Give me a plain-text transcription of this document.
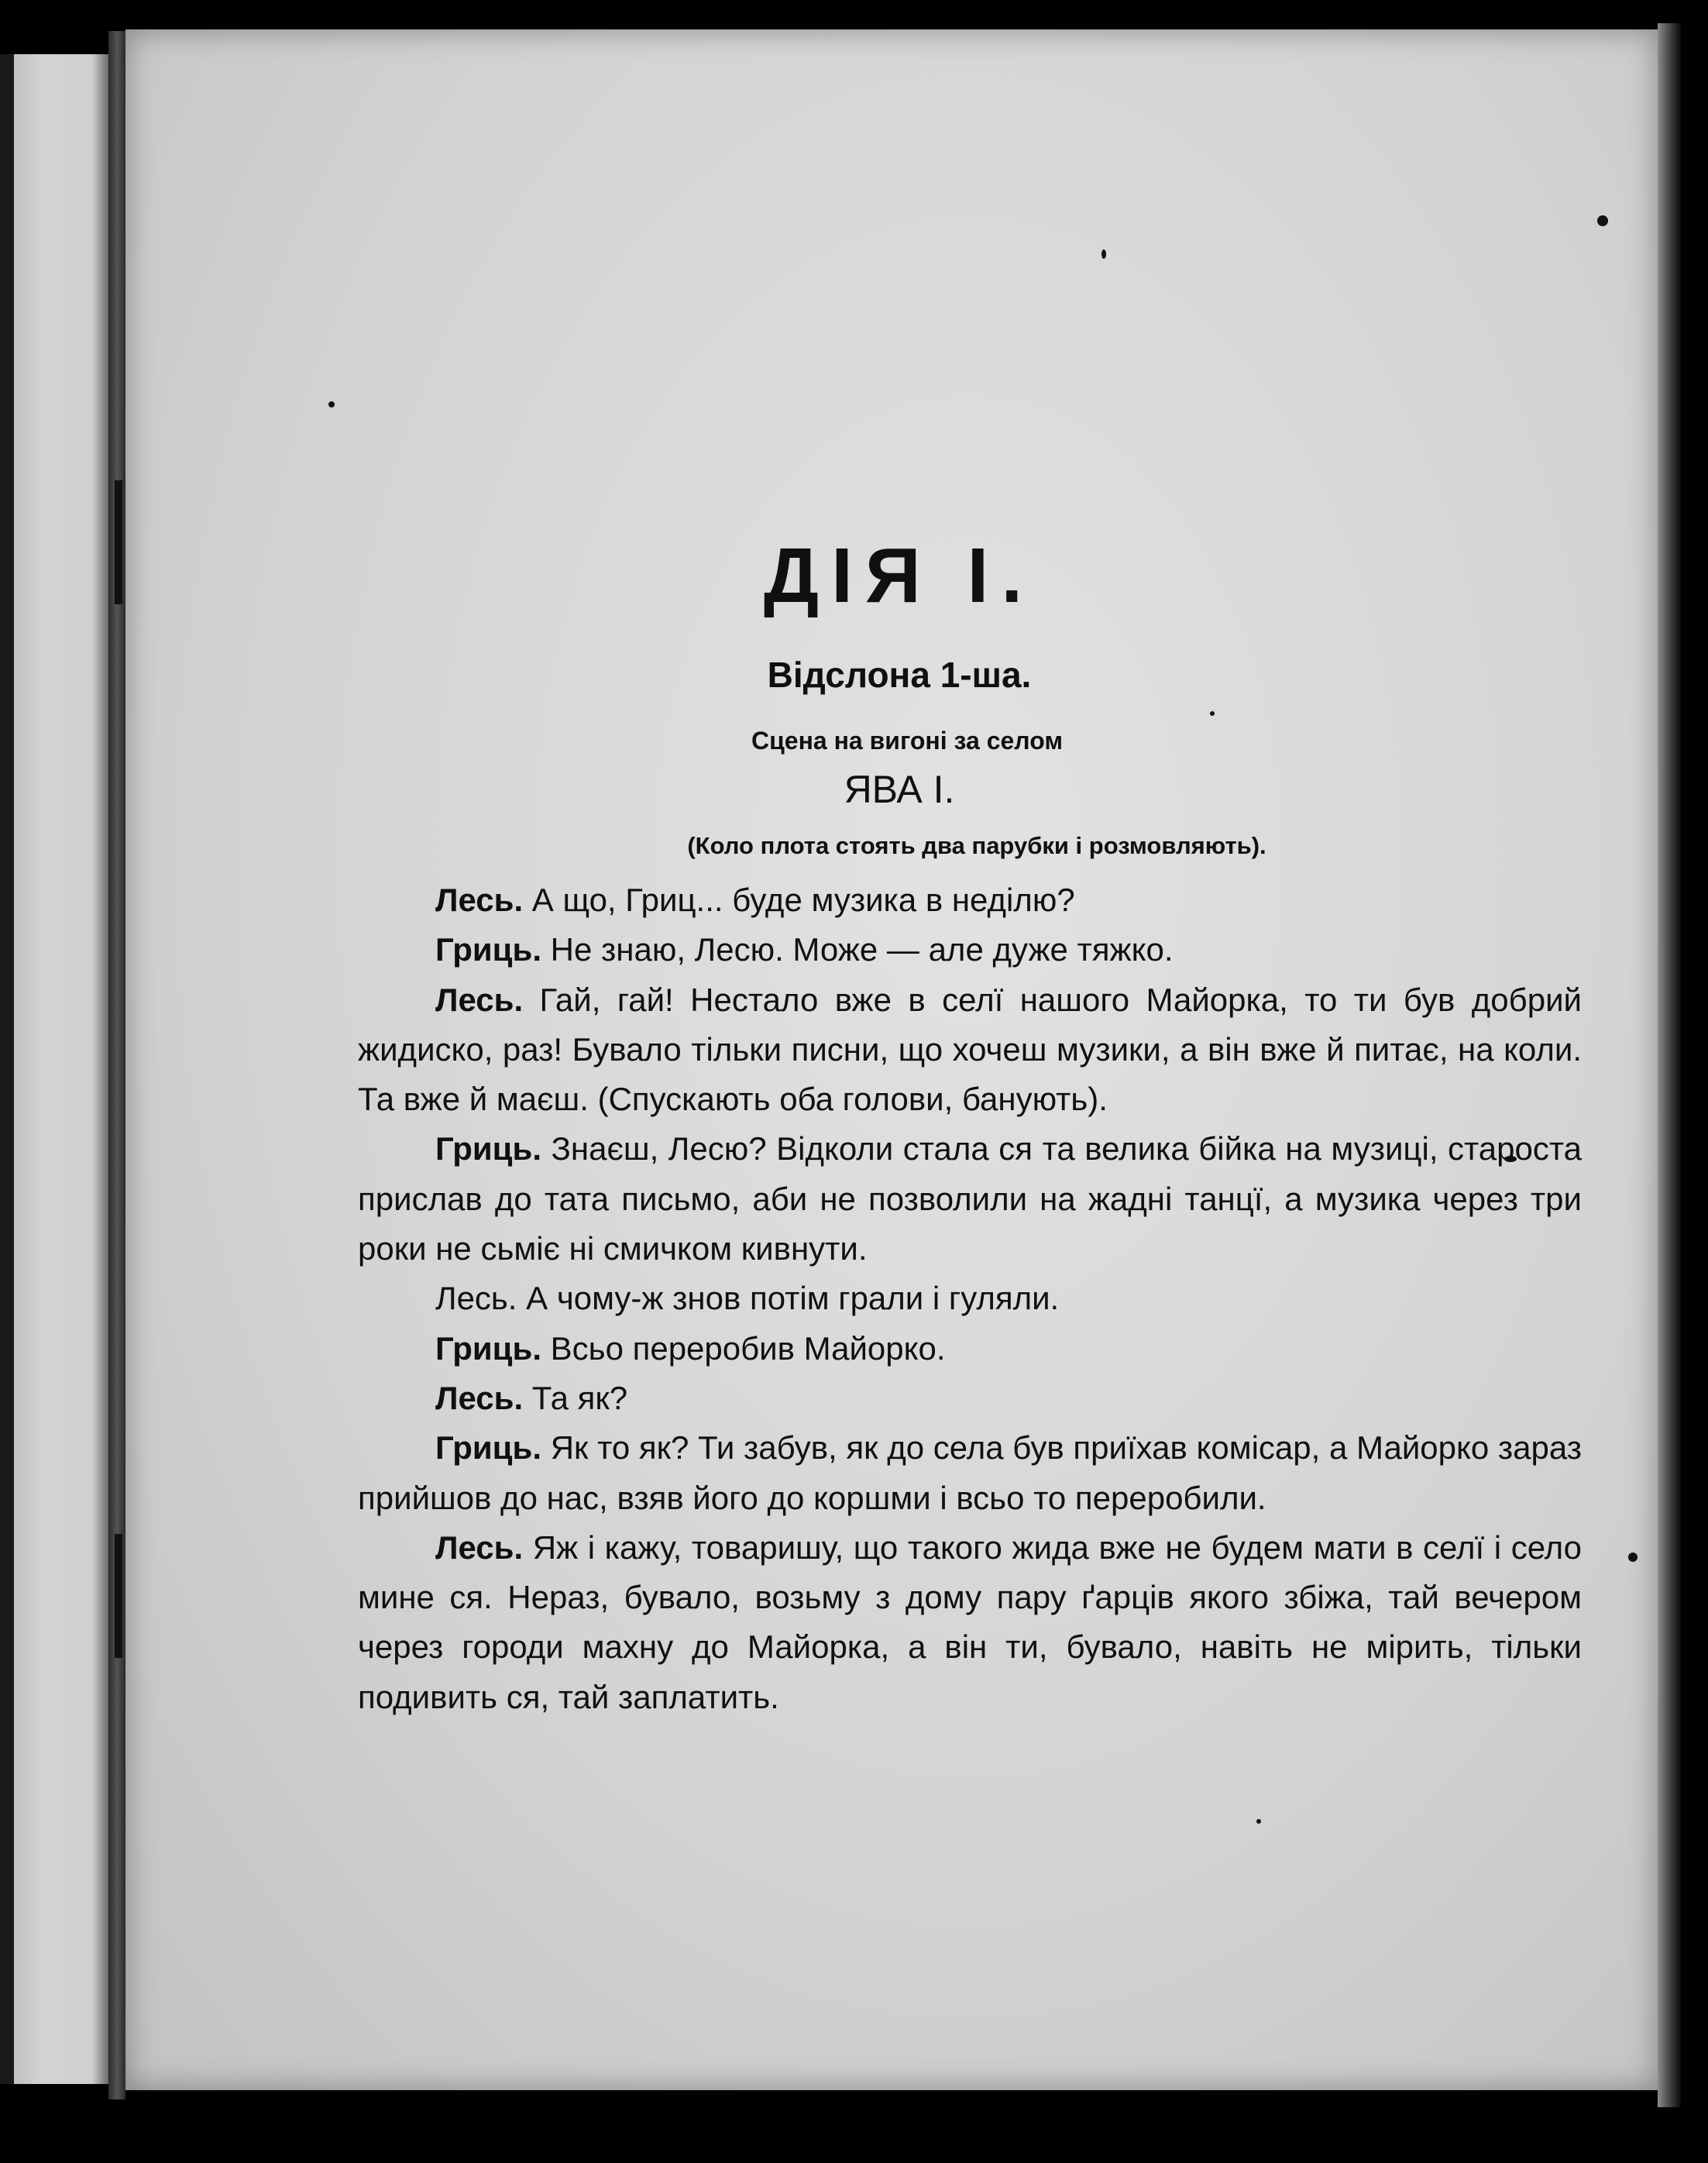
ДІЯ І.
Відслона 1-ша.
Сцена на вигоні за селом
ЯВА І.
(Коло плота стоять два парубки і розмовляють).

Лесь. А що, Гриц... буде музика в неділю?

Гриць. Не знаю, Лесю. Може — але дуже тяжко.

Лесь. Гай, гай! Нестало вже в селї нашого Майорка, то ти був добрий жидиско, раз! Бувало тільки писни, що хочеш музики, а він вже й питає, на коли. Та вже й маєш. (Спускають оба голови, банують).

Гриць. Знаєш, Лесю? Відколи стала ся та велика бійка на музиці, староста прислав до тата письмо, аби не позволили на жадні танцї, а музика через три роки не сьміє ні смичком кивнути.

Лесь. А чому-ж знов потім грали і гуляли.

Гриць. Всьо переробив Майорко.

Лесь. Та як?

Гриць. Як то як? Ти забув, як до села був приїхав комісар, а Майорко зараз прийшов до нас, взяв його до коршми і всьо то переробили.

Лесь. Яж і кажу, товаришу, що такого жида вже не будем мати в селї і село мине ся. Нераз, бувало, возьму з дому пару ґарців якого збіжа, тай вечером через городи махну до Майорка, а він ти, бувало, навіть не мірить, тільки подивить ся, тай заплатить.
